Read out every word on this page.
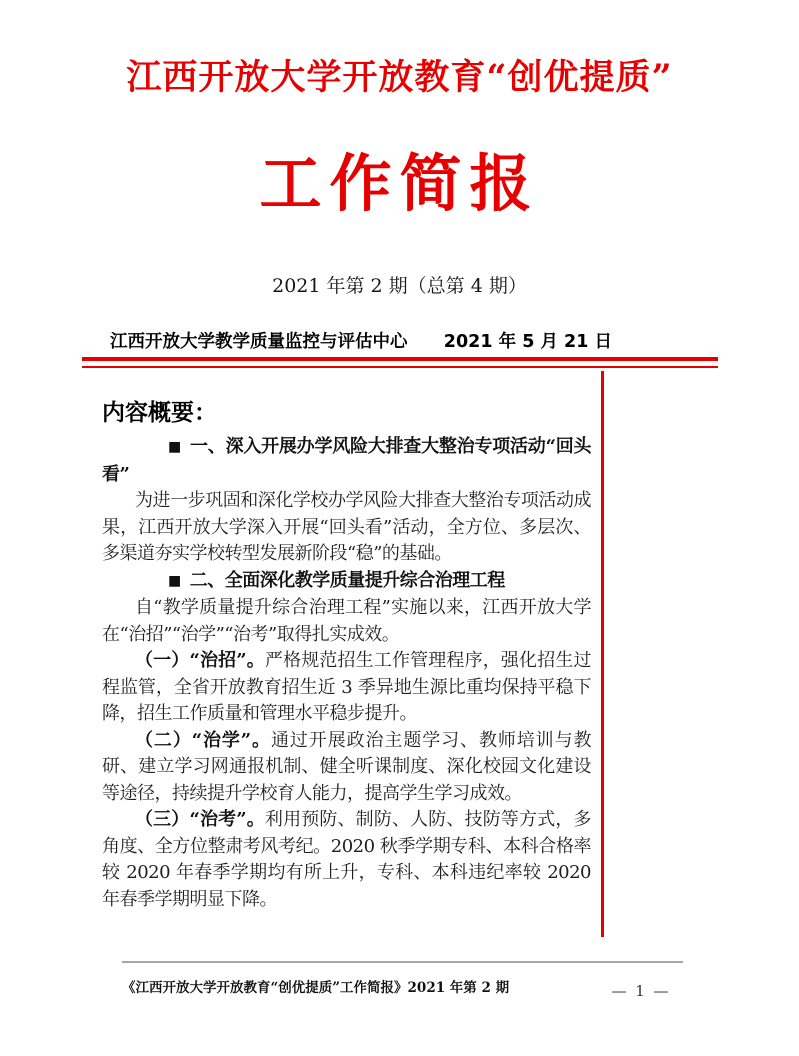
江西开放大学开放教育“创优提质”
工作简报
2021 年第 2 期（总第 4 期）
江西开放大学教学质量监控与评估中心 2021 年 5 月 21 日
内容概要：

■ 一、深入开展办学风险大排查大整治专项活动“回头看”

为进一步巩固和深化学校办学风险大排查大整治专项活动成果，江西开放大学深入开展“回头看”活动，全方位、多层次、多渠道夯实学校转型发展新阶段“稳”的基础。

■ 二、全面深化教学质量提升综合治理工程

自“教学质量提升综合治理工程”实施以来，江西开放大学在“治招”“治学”“治考”取得扎实成效。

（一）“治招”。严格规范招生工作管理程序，强化招生过程监管，全省开放教育招生近 3 季异地生源比重均保持平稳下降，招生工作质量和管理水平稳步提升。

（二）“治学”。通过开展政治主题学习、教师培训与教研、建立学习网通报机制、健全听课制度、深化校园文化建设等途径，持续提升学校育人能力，提高学生学习成效。

（三）“治考”。利用预防、制防、人防、技防等方式，多角度、全方位整肃考风考纪。2020 秋季学期专科、本科合格率较 2020 年春季学期均有所上升，专科、本科违纪率较 2020 年春季学期明显下降。

《江西开放大学开放教育“创优提质”工作简报》2021 年第 2 期	— 1 —
